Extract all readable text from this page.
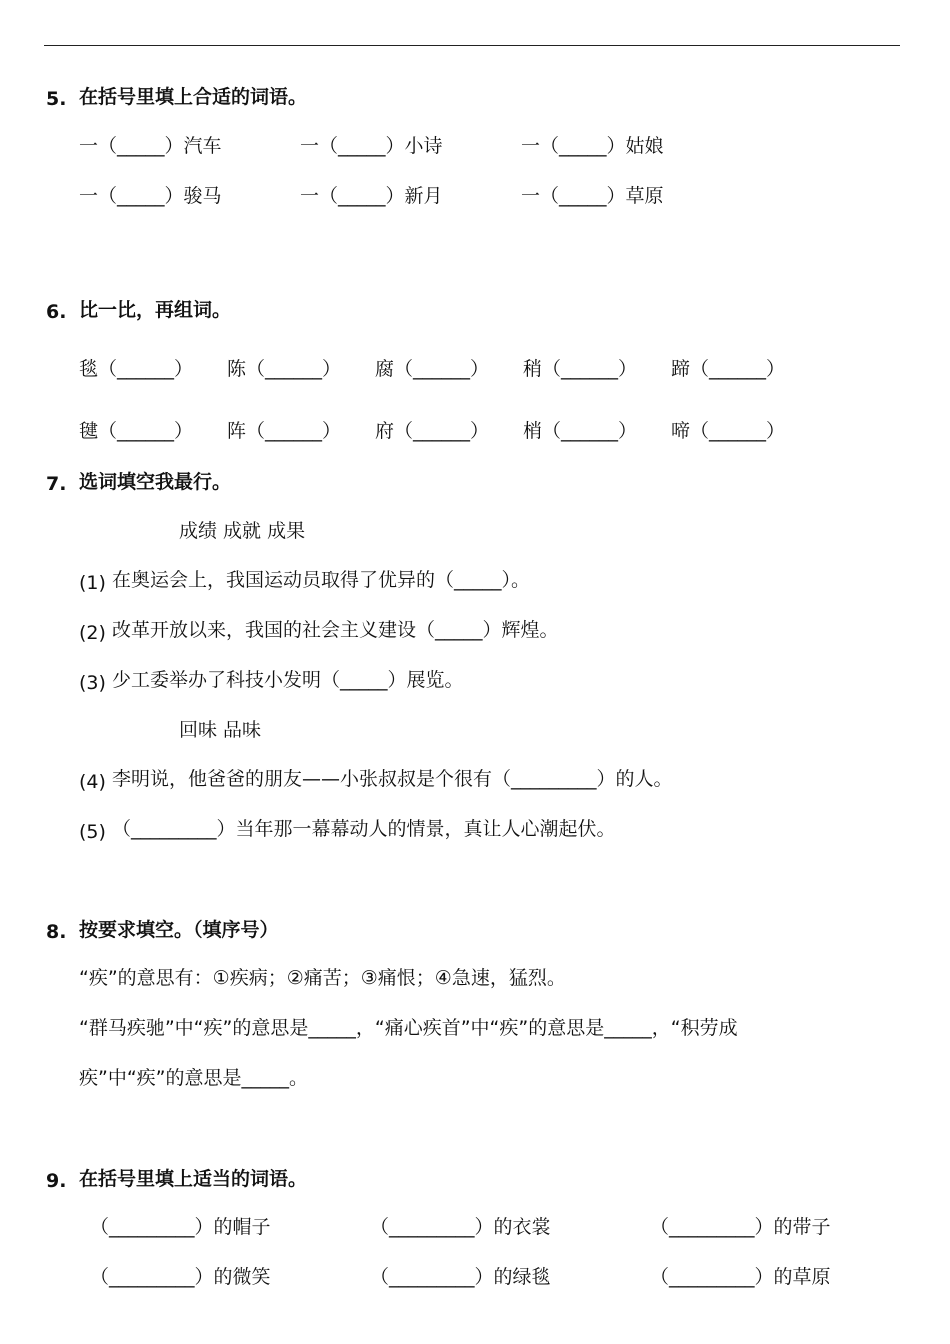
5. 在括号里填上合适的词语。
一（_____）汽车	一（_____）小诗	一（_____）姑娘
一（_____）骏马	一（_____）新月	一（_____）草原
6. 比一比，再组词。
毯（______） 陈（______） 腐（______） 稍（______） 蹄（______）
毽（______） 阵（______） 府（______） 梢（______） 啼（______）
7. 选词填空我最行。
成绩 成就 成果
(1) 在奥运会上，我国运动员取得了优异的（_____）。
(2) 改革开放以来，我国的社会主义建设（_____）辉煌。
(3) 少工委举办了科技小发明（_____）展览。
回味 品味
(4) 李明说，他爸爸的朋友——小张叔叔是个很有（_________）的人。
(5) （_________）当年那一幕幕动人的情景，真让人心潮起伏。
8. 按要求填空。（填序号）
“疾”的意思有：①疾病；②痛苦；③痛恨；④急速，猛烈。
“群马疾驰”中“疾”的意思是_____，“痛心疾首”中“疾”的意思是_____，“积劳成
疾”中“疾”的意思是_____。
9. 在括号里填上适当的词语。
（_________）的帽子	（_________）的衣裳	（_________）的带子
（_________）的微笑	（_________）的绿毯	（_________）的草原
